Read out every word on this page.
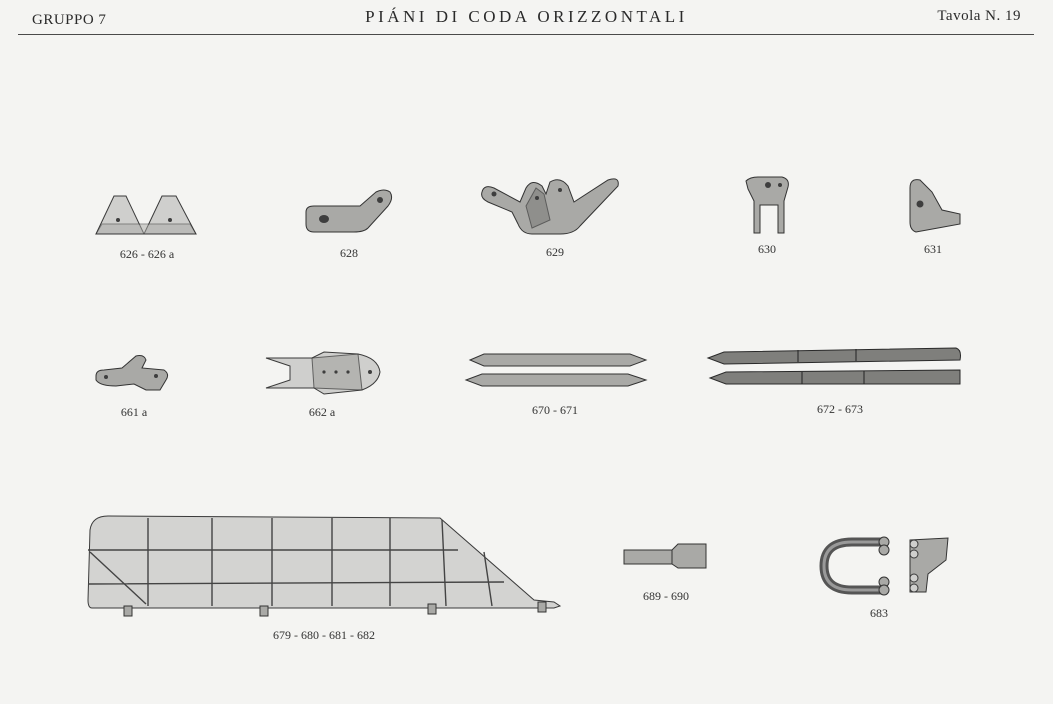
GRUPPO 7	PIÁNI DI CODA ORIZZONTALI	Tavola N. 19
626 - 626 a	628	629	630	631
661 a	662 a	670 - 671	672 - 673
679 - 680 - 681 - 682
689 - 690
683
